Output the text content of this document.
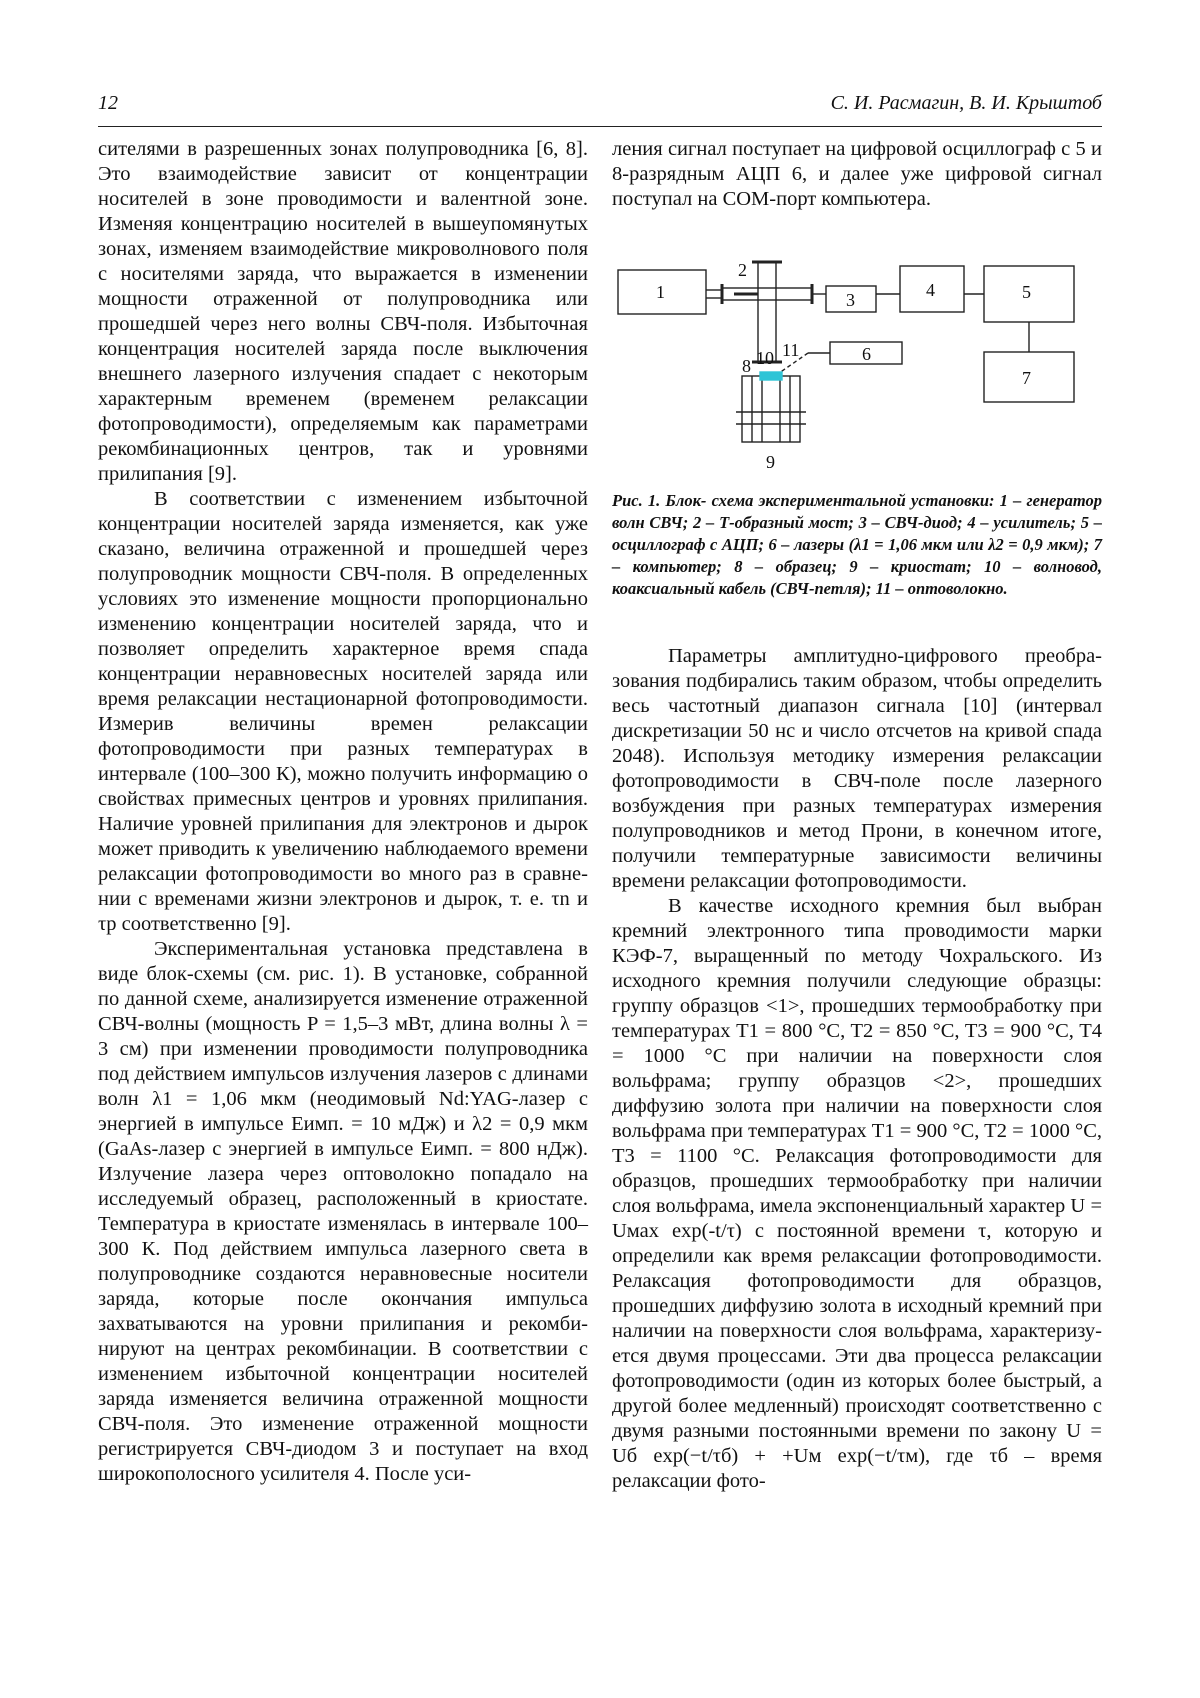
12	С. И. Расмагин, В. И. Крыштоб

сителями в разрешенных зонах полупроводника [6, 8]. Это взаимодействие зависит от концентрации носителей в зоне проводимости и валентной зоне. Изменяя концентрацию носителей в вышеупомянутых зонах, изменяем взаимодействие микроволнового поля с носителями заряда, что выражается в изменении мощности отраженной от полупроводника или прошедшей через него волны СВЧ-поля. Избыточная концентрация носителей заряда после выключения внешнего лазерного излучения спадает с некоторым характерным временем (временем релаксации фотопроводимости), определяемым как параметрами рекомбинационных центров, так и уровнями прилипания [9].

В соответствии с изменением избыточной концентрации носителей заряда изменяется, как уже сказано, величина отраженной и прошедшей через полупроводник мощности СВЧ-поля. В определенных условиях это изменение мощности пропорционально изменению концентрации носителей заряда, что и позволяет определить характерное время спада концентрации неравновесных носителей заряда или время релаксации нестационарной фотопроводимости. Измерив величины времен релаксации фотопроводимости при разных температурах в интервале (100–300 К), можно получить информацию о свойствах примесных центров и уровнях прилипания. Наличие уровней прилипания для электронов и дырок может приводить к увеличению наблюдаемого времени релаксации фотопроводимости во много раз в сравнении с временами жизни электронов и дырок, т. е. τn и τp соответственно [9].

Экспериментальная установка представлена в виде блок-схемы (см. рис. 1). В установке, собранной по данной схеме, анализируется изменение отраженной СВЧ-волны (мощность P = 1,5–3 мВт, длина волны λ = 3 см) при изменении проводимости полупроводника под действием импульсов излучения лазеров с длинами волн λ1 = 1,06 мкм (неодимовый Nd:YAG-лазер с энергией в импульсе Eимп. = 10 мДж) и λ2 = 0,9 мкм (GaAs-лазер с энергией в импульсе Eимп. = 800 нДж). Излучение лазера через оптоволокно попадало на исследуемый образец, расположенный в криостате. Температура в криостате изменялась в интервале 100–300 К. Под действием импульса лазерного света в полупроводнике создаются неравновесные носители заряда, которые после окончания импульса захватываются на уровни прилипания и рекомбинируют на центрах рекомбинации. В соответствии с изменением избыточной концентрации носителей заряда изменяется величина отраженной мощности СВЧ-поля. Это изменение отраженной мощности регистрируется СВЧ-диодом 3 и поступает на вход широкополосного усилителя 4. После уси-

ления сигнал поступает на цифровой осциллограф с 5 и 8-разрядным АЦП 6, и далее уже цифровой сигнал поступал на COM-порт компьютера.

1
2
3	4	5
6
7
8
9
10 11

Рис. 1. Блок- схема экспериментальной установки: 1 – генератор волн СВЧ; 2 – Т-образный мост; 3 – СВЧ-диод; 4 – усилитель; 5 – осциллограф с АЦП; 6 – лазеры (λ1 = 1,06 мкм или λ2 = 0,9 мкм); 7 – компьютер; 8 – образец; 9 – криостат; 10 – волновод, коаксиальный кабель (СВЧ-петля); 11 – оптоволокно.

Параметры амплитудно-цифрового преобразования подбирались таким образом, чтобы определить весь частотный диапазон сигнала [10] (интервал дискретизации 50 нс и число отсчетов на кривой спада 2048). Используя методику измерения релаксации фотопроводимости в СВЧ-поле после лазерного возбуждения при разных температурах измерения полупроводников и метод Прони, в конечном итоге, получили температурные зависимости величины времени релаксации фотопроводимости.

В качестве исходного кремния был выбран кремний электронного типа проводимости марки КЭФ-7, выращенный по методу Чохральского. Из исходного кремния получили следующие образцы: группу образцов <1>, прошедших термообработку при температурах T1 = 800 °C, T2 = 850 °C, T3 = 900 °C, T4 = 1000 °C при наличии на поверхности слоя вольфрама; группу образцов <2>, прошедших диффузию золота при наличии на поверхности слоя вольфрама при температурах T1 = 900 °C, T2 = 1000 °C, T3 = 1100 °C. Релаксация фотопроводимости для образцов, прошедших термообработку при наличии слоя вольфрама, имела экспоненциальный характер U = Uмах exp(-t/τ) с постоянной времени τ, которую и определили как время релаксации фотопроводимости. Релаксация фотопроводимости для образцов, прошедших диффузию золота в исходный кремний при наличии на поверхности слоя вольфрама, характеризуется двумя процессами. Эти два процесса релаксации фотопроводимости (один из которых более быстрый, а другой более медленный) происходят соответственно с двумя разными постоянными времени по закону U = Uб exp(−t/τб) + +Uм exp(−t/τм), где τб – время релаксации фото-
